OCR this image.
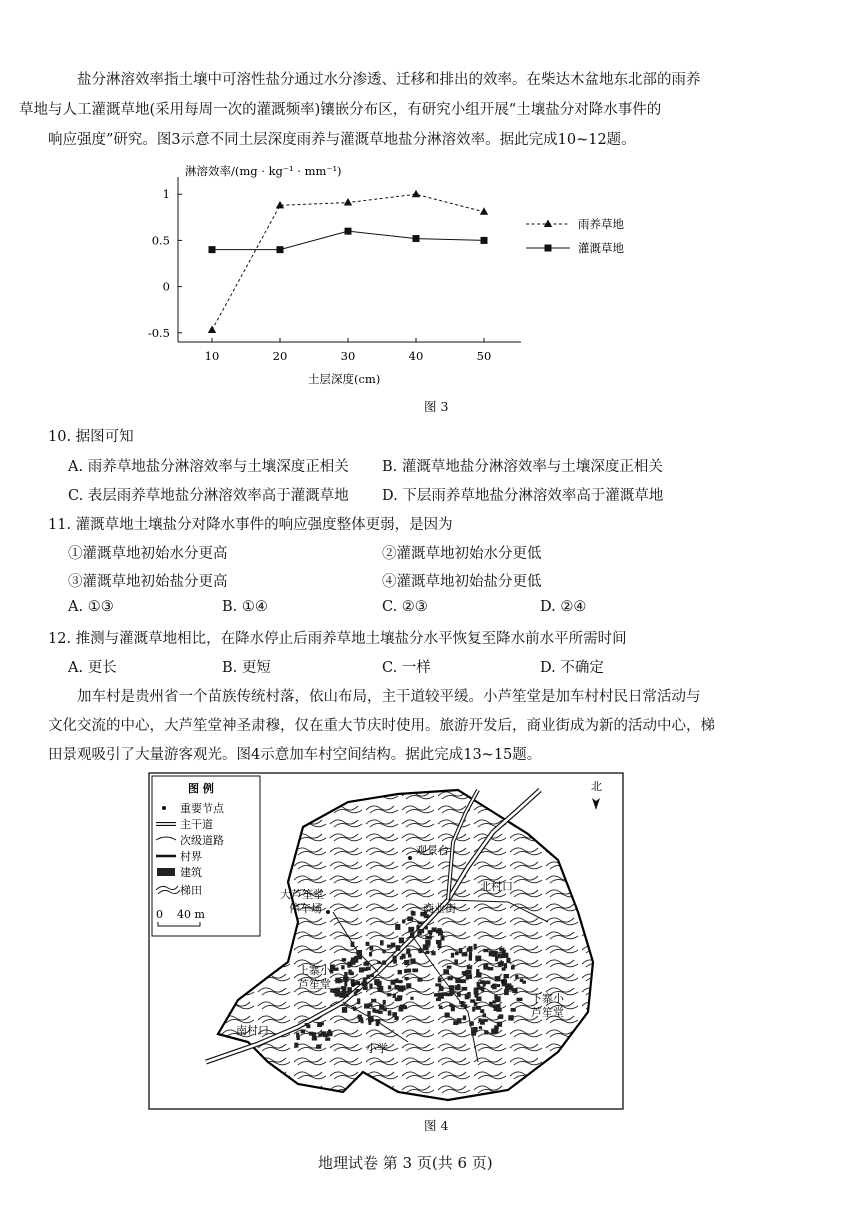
盐分淋溶效率指土壤中可溶性盐分通过水分渗透、迁移和排出的效率。在柴达木盆地东北部的雨养
草地与人工灌溉草地(采用每周一次的灌溉频率)镶嵌分布区，有研究小组开展“土壤盐分对降水事件的
响应强度”研究。图3示意不同土层深度雨养与灌溉草地盐分淋溶效率。据此完成10~12题。

1
0.5
0
-0.5
10	20	30	40	50
雨养草地
灌溉草地
淋溶效率/(mg · kg⁻¹ · mm⁻¹)
土层深度(cm)
图 3
10. 据图可知
A. 雨养草地盐分淋溶效率与土壤深度正相关 B. 灌溉草地盐分淋溶效率与土壤深度正相关
C. 表层雨养草地盐分淋溶效率高于灌溉草地 D. 下层雨养草地盐分淋溶效率高于灌溉草地
11. 灌溉草地土壤盐分对降水事件的响应强度整体更弱，是因为
①灌溉草地初始水分更高	②灌溉草地初始水分更低
③灌溉草地初始盐分更高	④灌溉草地初始盐分更低
A. ①③	B. ①④	C. ②③	D. ②④
12. 推测与灌溉草地相比，在降水停止后雨养草地土壤盐分水平恢复至降水前水平所需时间
A. 更长	B. 更短	C. 一样	D. 不确定
加车村是贵州省一个苗族传统村落，依山布局，主干道较平缓。小芦笙堂是加车村村民日常活动与
文化交流的中心，大芦笙堂神圣肃穆，仅在重大节庆时使用。旅游开发后，商业街成为新的活动中心，梯
田景观吸引了大量游客观光。图4示意加车村空间结构。据此完成13~15题。
图 例
重要节点
主干道
次级道路
村界
建筑
梯田
0    40 m
北
观景台
北村口
大芦笙堂
停车场	商业街
上寨小
芦笙堂
下寨小
芦笙堂
南村口
小学
图 4
地理试卷 第 3 页(共 6 页)
